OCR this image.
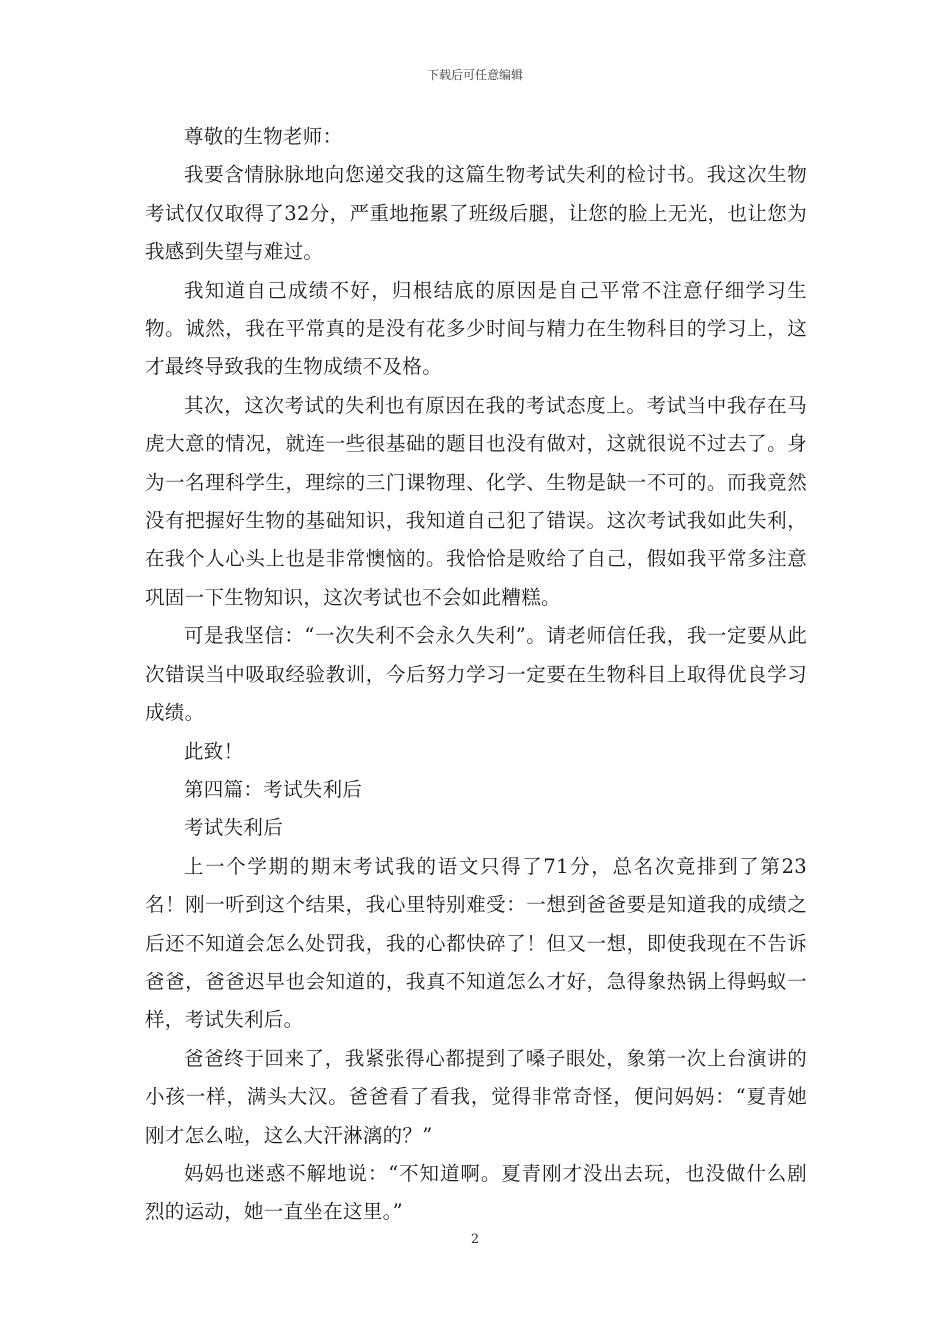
下载后可任意编辑

尊敬的生物老师：

我要含情脉脉地向您递交我的这篇生物考试失利的检讨书。我这次生物考试仅仅取得了32分，严重地拖累了班级后腿，让您的脸上无光，也让您为我感到失望与难过。

我知道自己成绩不好，归根结底的原因是自己平常不注意仔细学习生物。诚然，我在平常真的是没有花多少时间与精力在生物科目的学习上，这才最终导致我的生物成绩不及格。

其次，这次考试的失利也有原因在我的考试态度上。考试当中我存在马虎大意的情况，就连一些很基础的题目也没有做对，这就很说不过去了。身为一名理科学生，理综的三门课物理、化学、生物是缺一不可的。而我竟然没有把握好生物的基础知识，我知道自己犯了错误。这次考试我如此失利，在我个人心头上也是非常懊恼的。我恰恰是败给了自己，假如我平常多注意巩固一下生物知识，这次考试也不会如此糟糕。

可是我坚信：“一次失利不会永久失利”。请老师信任我，我一定要从此次错误当中吸取经验教训，今后努力学习一定要在生物科目上取得优良学习成绩。

此致！

第四篇：考试失利后

考试失利后

上一个学期的期末考试我的语文只得了71分，总名次竟排到了第23名！刚一听到这个结果，我心里特别难受：一想到爸爸要是知道我的成绩之后还不知道会怎么处罚我，我的心都快碎了！但又一想，即使我现在不告诉爸爸，爸爸迟早也会知道的，我真不知道怎么才好，急得象热锅上得蚂蚁一样，考试失利后。

爸爸终于回来了，我紧张得心都提到了嗓子眼处，象第一次上台演讲的小孩一样，满头大汉。爸爸看了看我，觉得非常奇怪，便问妈妈：“夏青她刚才怎么啦，这么大汗淋漓的？”

妈妈也迷惑不解地说：“不知道啊。夏青刚才没出去玩，也没做什么剧烈的运动，她一直坐在这里。”

2
